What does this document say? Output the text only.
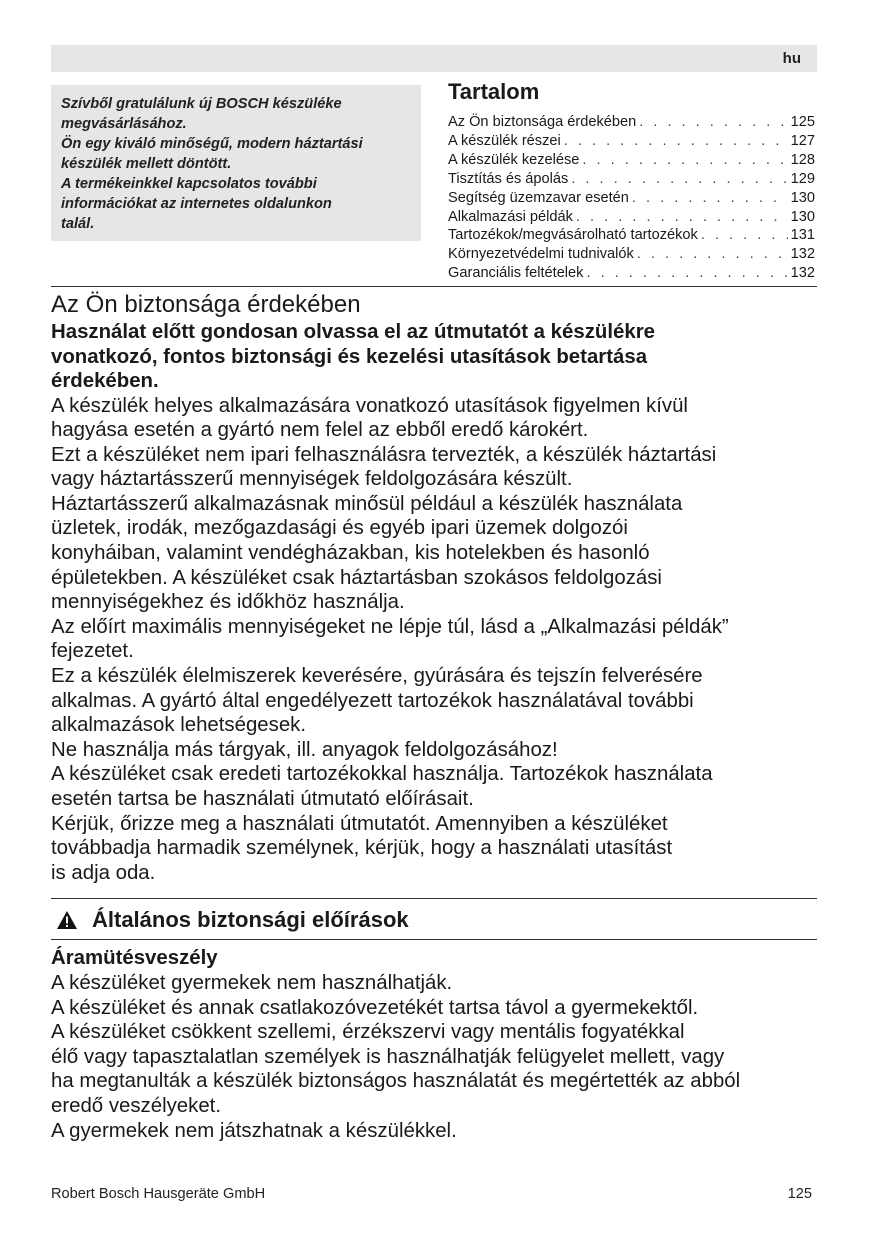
hu
Szívből gratulálunk új BOSCH készüléke
megvásárlásához.
Ön egy kiváló minőségű, modern háztartási
készülék mellett döntött.
A termékeinkkel kapcsolatos további
információkat az internetes oldalunkon
talál.
Tartalom
Az Ön biztonsága érdekében . . .	125
A készülék részei . . .	127
A készülék kezelése . . .	128
Tisztítás és ápolás . . .	129
Segítség üzemzavar esetén . . .	130
Alkalmazási példák . . .	130
Tartozékok/megvásárolható tartozékok . . .	131
Környezetvédelmi tudnivalók . . .	132
Garanciális feltételek . . .	132
Az Ön biztonsága érdekében
Használat előtt gondosan olvassa el az útmutatót a készülékre
vonatkozó, fontos biztonsági és kezelési utasítások betartása
érdekében.
A készülék helyes alkalmazására vonatkozó utasítások figyelmen kívül
hagyása esetén a gyártó nem felel az ebből eredő károkért.
Ezt a készüléket nem ipari felhasználásra tervezték, a készülék háztartási
vagy háztartásszerű mennyiségek feldolgozására készült.
Háztartásszerű alkalmazásnak minősül például a készülék használata
üzletek, irodák, mezőgazdasági és egyéb ipari üzemek dolgozói
konyháiban, valamint vendégházakban, kis hotelekben és hasonló
épületekben. A készüléket csak háztartásban szokásos feldolgozási
mennyiségekhez és időkhöz használja.
Az előírt maximális mennyiségeket ne lépje túl, lásd a „Alkalmazási példák”
fejezetet.
Ez a készülék élelmiszerek keverésére, gyúrására és tejszín felverésére
alkalmas. A gyártó által engedélyezett tartozékok használatával további
alkalmazások lehetségesek.
Ne használja más tárgyak, ill. anyagok feldolgozásához!
A készüléket csak eredeti tartozékokkal használja. Tartozékok használata
esetén tartsa be használati útmutató előírásait.
Kérjük, őrizze meg a használati útmutatót. Amennyiben a készüléket
továbbadja harmadik személynek, kérjük, hogy a használati utasítást
is adja oda.
Általános biztonsági előírások
Áramütésveszély
A készüléket gyermekek nem használhatják.
A készüléket és annak csatlakozóvezetékét tartsa távol a gyermekektől.
A készüléket csökkent szellemi, érzékszervi vagy mentális fogyatékkal
élő vagy tapasztalatlan személyek is használhatják felügyelet mellett, vagy
ha megtanulták a készülék biztonságos használatát és megértették az abból
eredő veszélyeket.
A gyermekek nem játszhatnak a készülékkel.
Robert Bosch Hausgeräte GmbH	125
